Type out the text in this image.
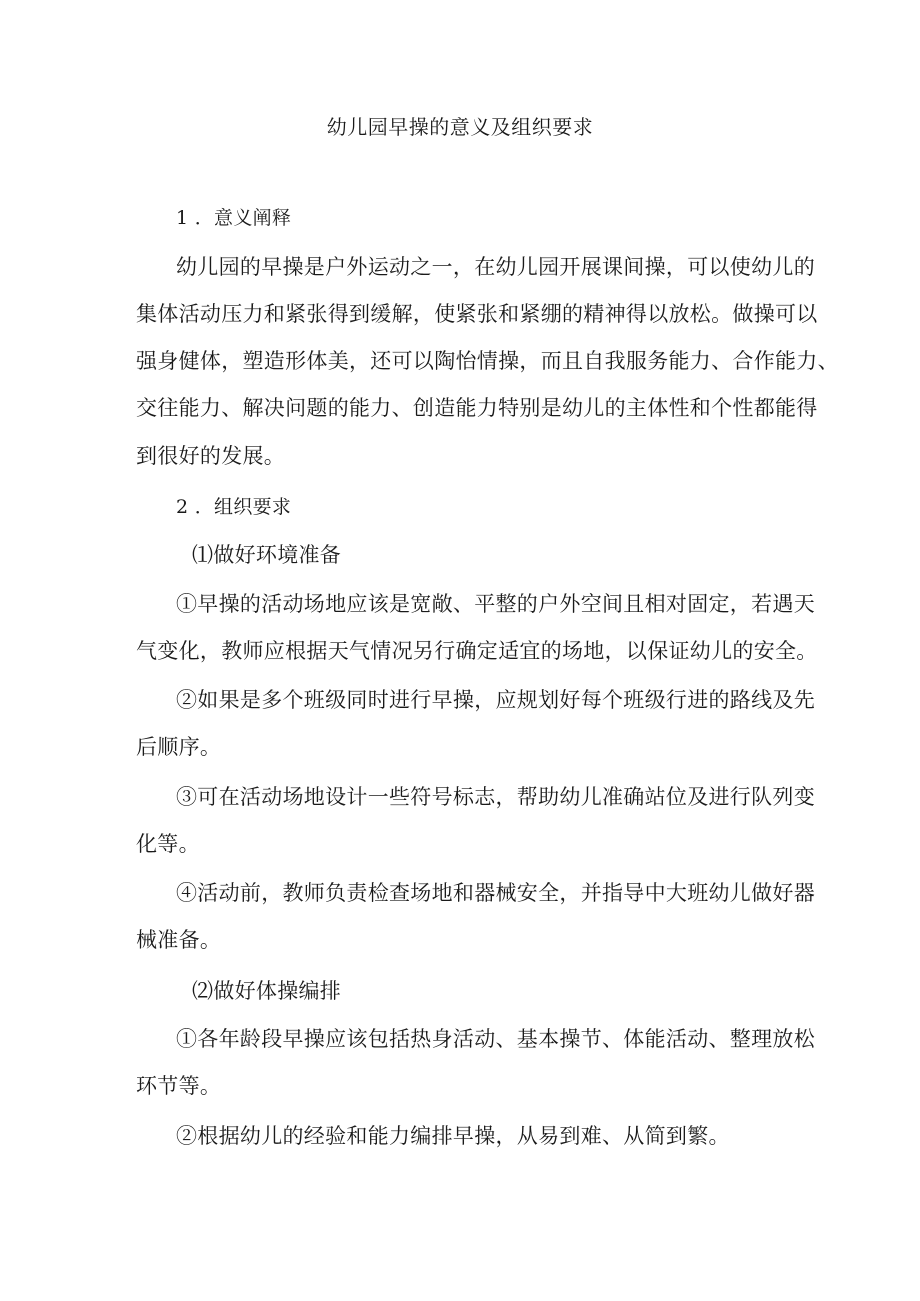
幼儿园早操的意义及组织要求
1 ．意义阐释
幼儿园的早操是户外运动之一，在幼儿园开展课间操，可以使幼儿的
集体活动压力和紧张得到缓解，使紧张和紧绷的精神得以放松。做操可以
强身健体，塑造形体美，还可以陶怡情操，而且自我服务能力、合作能力、
交往能力、解决问题的能力、创造能力特别是幼儿的主体性和个性都能得
到很好的发展。
2 ．组织要求
⑴做好环境准备
①早操的活动场地应该是宽敞、平整的户外空间且相对固定，若遇天
气变化，教师应根据天气情况另行确定适宜的场地，以保证幼儿的安全。
②如果是多个班级同时进行早操，应规划好每个班级行进的路线及先
后顺序。
③可在活动场地设计一些符号标志，帮助幼儿准确站位及进行队列变
化等。
④活动前，教师负责检查场地和器械安全，并指导中大班幼儿做好器
械准备。
⑵做好体操编排
①各年龄段早操应该包括热身活动、基本操节、体能活动、整理放松
环节等。
②根据幼儿的经验和能力编排早操，从易到难、从简到繁。
